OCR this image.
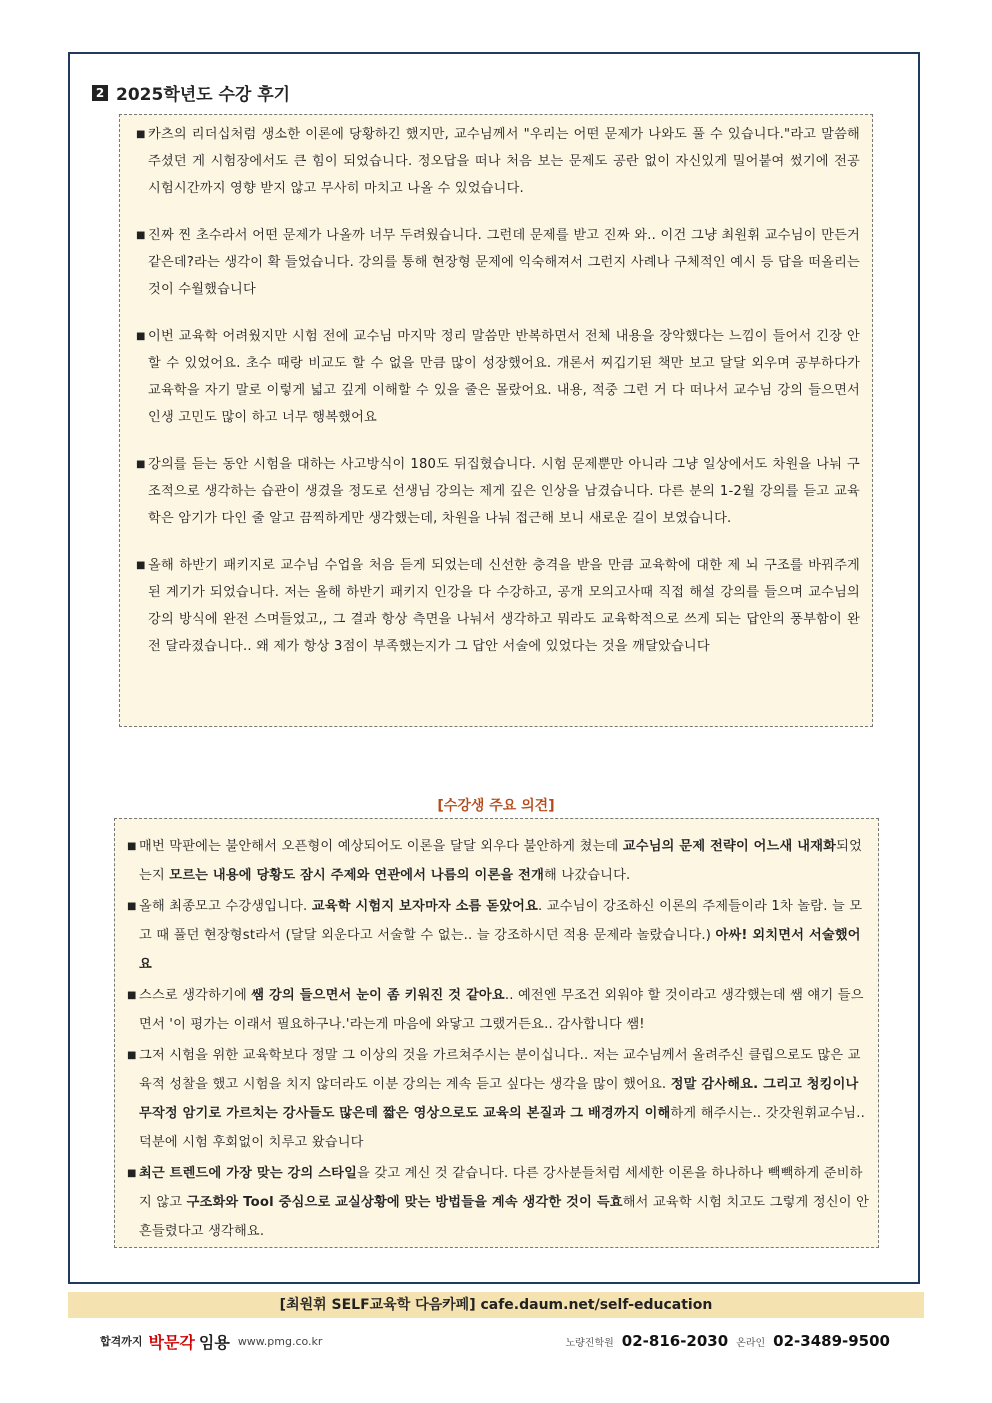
2 2025학년도 수강 후기
■ 카츠의 리더십처럼 생소한 이론에 당황하긴 했지만, 교수님께서 "우리는 어떤 문제가 나와도 풀 수 있습니다."라고 말씀해 주셨던 게 시험장에서도 큰 힘이 되었습니다. 정오답을 떠나 처음 보는 문제도 공란 없이 자신있게 밀어붙여 썼기에 전공 시험시간까지 영향 받지 않고 무사히 마치고 나올 수 있었습니다.
■ 진짜 찐 초수라서 어떤 문제가 나올까 너무 두려웠습니다. 그런데 문제를 받고 진짜 와.. 이건 그냥 최원휘 교수님이 만든거 같은데?라는 생각이 확 들었습니다. 강의를 통해 현장형 문제에 익숙해져서 그런지 사례나 구체적인 예시 등 답을 떠올리는 것이 수월했습니다
■ 이번 교육학 어려웠지만 시험 전에 교수님 마지막 정리 말씀만 반복하면서 전체 내용을 장악했다는 느낌이 들어서 긴장 안 할 수 있었어요. 초수 때랑 비교도 할 수 없을 만큼 많이 성장했어요. 개론서 찌깁기된 책만 보고 달달 외우며 공부하다가 교육학을 자기 말로 이렇게 넓고 깊게 이해할 수 있을 줄은 몰랐어요. 내용, 적중 그런 거 다 떠나서 교수님 강의 들으면서 인생 고민도 많이 하고 너무 행복했어요
■ 강의를 듣는 동안 시험을 대하는 사고방식이 180도 뒤집혔습니다. 시험 문제뿐만 아니라 그냥 일상에서도 차원을 나눠 구조적으로 생각하는 습관이 생겼을 정도로 선생님 강의는 제게 깊은 인상을 남겼습니다. 다른 분의 1-2월 강의를 듣고 교육학은 암기가 다인 줄 알고 끔찍하게만 생각했는데, 차원을 나눠 접근해 보니 새로운 길이 보였습니다.
■ 올해 하반기 패키지로 교수님 수업을 처음 듣게 되었는데 신선한 충격을 받을 만큼 교육학에 대한 제 뇌 구조를 바꿔주게 된 계기가 되었습니다. 저는 올해 하반기 패키지 인강을 다 수강하고, 공개 모의고사때 직접 해설 강의를 들으며 교수님의 강의 방식에 완전 스며들었고,, 그 결과 항상 측면을 나눠서 생각하고 뭐라도 교육학적으로 쓰게 되는 답안의 풍부함이 완전 달라졌습니다.. 왜 제가 항상 3점이 부족했는지가 그 답안 서술에 있었다는 것을 깨달았습니다
[수강생 주요 의견]
■ 매번 막판에는 불안해서 오픈형이 예상되어도 이론을 달달 외우다 불안하게 쳤는데 교수님의 문제 전략이 어느새 내재화되었는지 모르는 내용에 당황도 잠시 주제와 연관에서 나름의 이론을 전개해 나갔습니다.
■ 올해 최종모고 수강생입니다. 교육학 시험지 보자마자 소름 돋았어요. 교수님이 강조하신 이론의 주제들이라 1차 놀람. 늘 모고 때 풀던 현장형st라서 (달달 외운다고 서술할 수 없는.. 늘 강조하시던 적용 문제라 놀랐습니다.) 아싸! 외치면서 서술했어요
■ 스스로 생각하기에 쌤 강의 들으면서 눈이 좀 키워진 것 같아요.. 예전엔 무조건 외워야 할 것이라고 생각했는데 쌤 얘기 들으면서 '이 평가는 이래서 필요하구나.'라는게 마음에 와닿고 그랬거든요.. 감사합니다 쌤!
■ 그저 시험을 위한 교육학보다 정말 그 이상의 것을 가르쳐주시는 분이십니다.. 저는 교수님께서 올려주신 클립으로도 많은 교육적 성찰을 했고 시험을 치지 않더라도 이분 강의는 계속 듣고 싶다는 생각을 많이 했어요. 정말 감사해요. 그리고 청킹이나 무작정 암기로 가르치는 강사들도 많은데 짧은 영상으로도 교육의 본질과 그 배경까지 이해하게 해주시는.. 갓갓원휘교수님.. 덕분에 시험 후회없이 치루고 왔습니다
■ 최근 트렌드에 가장 맞는 강의 스타일을 갖고 계신 것 같습니다. 다른 강사분들처럼 세세한 이론을 하나하나 빽빽하게 준비하지 않고 구조화와 Tool 중심으로 교실상황에 맞는 방법들을 계속 생각한 것이 득효해서 교육학 시험 치고도 그렇게 정신이 안 흔들렸다고 생각해요.
[최원휘 SELF교육학 다음카페] cafe.daum.net/self-education
합격까지 박문각 임용 www.pmg.co.kr	노량진학원 02-816-2030 온라인 02-3489-9500
